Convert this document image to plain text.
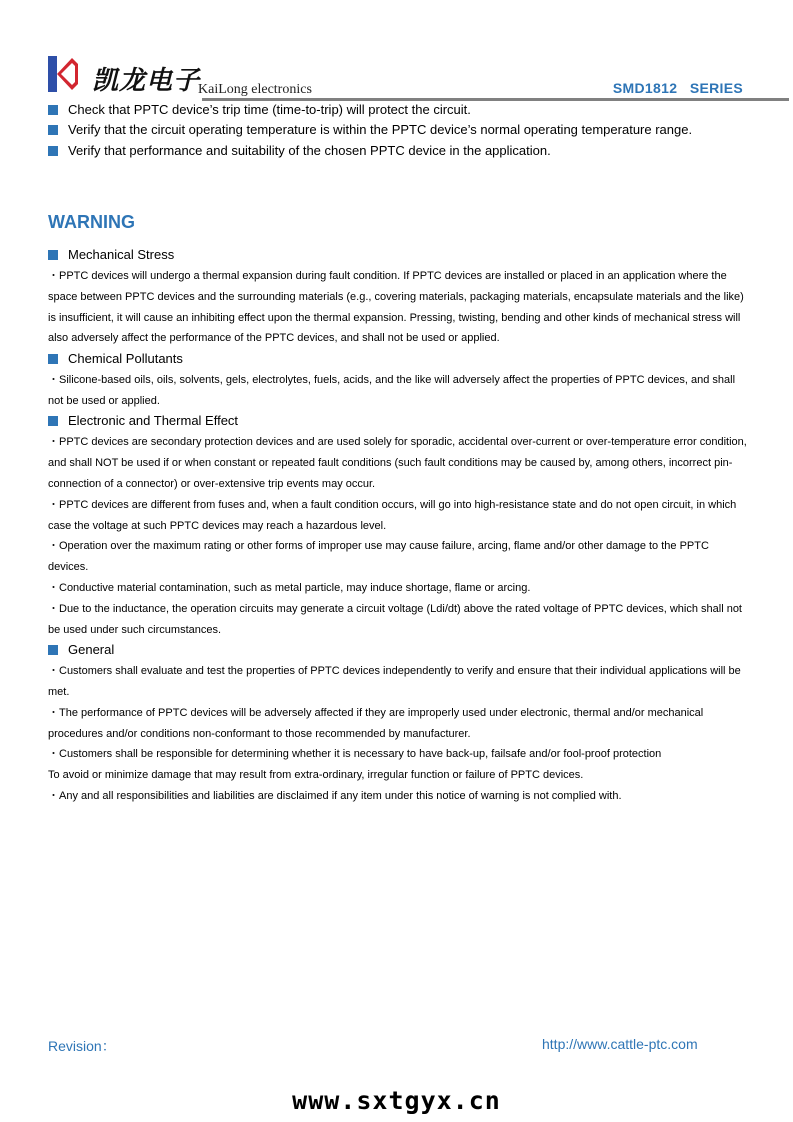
凯龙电子
KaiLong electronics	SMD1812   SERIES
Check that PPTC device’s trip time (time-to-trip) will protect the circuit.
Verify that the circuit operating temperature is within the PPTC device’s normal operating temperature range.
Verify that performance and suitability of the chosen PPTC device in the application.
WARNING
Mechanical Stress
・PPTC devices will undergo a thermal expansion during fault condition. If PPTC devices are installed or placed in an application where the space between PPTC devices and the surrounding materials (e.g., covering materials, packaging materials, encapsulate materials and the like) is insufficient, it will cause an inhibiting effect upon the thermal expansion. Pressing, twisting, bending and other kinds of mechanical stress will also adversely affect the performance of the PPTC devices, and shall not be used or applied.
Chemical Pollutants
・Silicone-based oils, oils, solvents, gels, electrolytes, fuels, acids, and the like will adversely affect the properties of PPTC devices, and shall not be used or applied.
Electronic and Thermal Effect
・PPTC devices are secondary protection devices and are used solely for sporadic, accidental over-current or over-temperature error condition, and shall NOT be used if or when constant or repeated fault conditions (such fault conditions may be caused by, among others, incorrect pin-connection of a connector) or over-extensive trip events may occur.
・PPTC devices are different from fuses and, when a fault condition occurs, will go into high-resistance state and do not open circuit, in which case the voltage at such PPTC devices may reach a hazardous level.
・Operation over the maximum rating or other forms of improper use may cause failure, arcing, flame and/or other damage to the PPTC devices.
・Conductive material contamination, such as metal particle, may induce shortage, flame or arcing.
・Due to the inductance, the operation circuits may generate a circuit voltage (Ldi/dt) above the rated voltage of PPTC devices, which shall not be used under such circumstances.
General
・Customers shall evaluate and test the properties of PPTC devices independently to verify and ensure that their individual applications will be met.
・The performance of PPTC devices will be adversely affected if they are improperly used under electronic, thermal and/or mechanical procedures and/or conditions non-conformant to those recommended by manufacturer.
・Customers shall be responsible for determining whether it is necessary to have back-up, failsafe and/or fool-proof protection
To avoid or minimize damage that may result from extra-ordinary, irregular function or failure of PPTC devices.
・Any and all responsibilities and liabilities are disclaimed if any item under this notice of warning is not complied with.
Revision：	http://www.cattle-ptc.com
www.sxtgyx.cn
